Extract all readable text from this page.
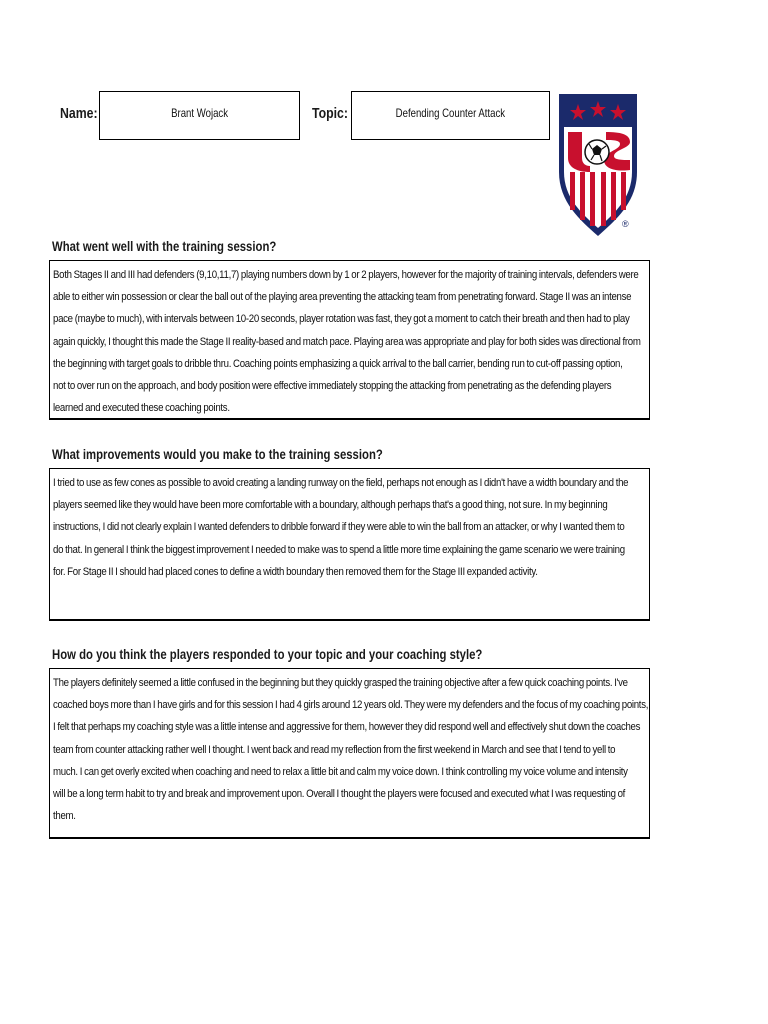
Name:	Brant Wojack	Topic:	Defending Counter Attack
®
What went well with the training session?
Both Stages II and III had defenders (9,10,11,7) playing numbers down by 1 or 2 players, however for the majority of training intervals, defenders were
able to either win possession or clear the ball out of the playing area preventing the attacking team from penetrating forward. Stage II was an intense
pace (maybe to much), with intervals between 10-20 seconds, player rotation was fast, they got a moment to catch their breath and then had to play
again quickly, I thought this made the Stage II reality-based and match pace. Playing area was appropriate and play for both sides was directional from
the beginning with target goals to dribble thru. Coaching points emphasizing a quick arrival to the ball carrier, bending run to cut-off passing option,
not to over run on the approach, and body position were effective immediately stopping the attacking from penetrating as the defending players
learned and executed these coaching points.
What improvements would you make to the training session?
I tried to use as few cones as possible to avoid creating a landing runway on the field, perhaps not enough as I didn't have a width boundary and the
players seemed like they would have been more comfortable with a boundary, although perhaps that's a good thing, not sure. In my beginning
instructions, I did not clearly explain I wanted defenders to dribble forward if they were able to win the ball from an attacker, or why I wanted them to
do that. In general I think the biggest improvement I needed to make was to spend a little more time explaining the game scenario we were training
for. For Stage II I should had placed cones to define a width boundary then removed them for the Stage III expanded activity.
How do you think the players responded to your topic and your coaching style?
The players definitely seemed a little confused in the beginning but they quickly grasped the training objective after a few quick coaching points. I've
coached boys more than I have girls and for this session I had 4 girls around 12 years old. They were my defenders and the focus of my coaching points,
I felt that perhaps my coaching style was a little intense and aggressive for them, however they did respond well and effectively shut down the coaches
team from counter attacking rather well I thought. I went back and read my reflection from the first weekend in March and see that I tend to yell to
much. I can get overly excited when coaching and need to relax a little bit and calm my voice down. I think controlling my voice volume and intensity
will be a long term habit to try and break and improvement upon. Overall I thought the players were focused and executed what I was requesting of
them.
